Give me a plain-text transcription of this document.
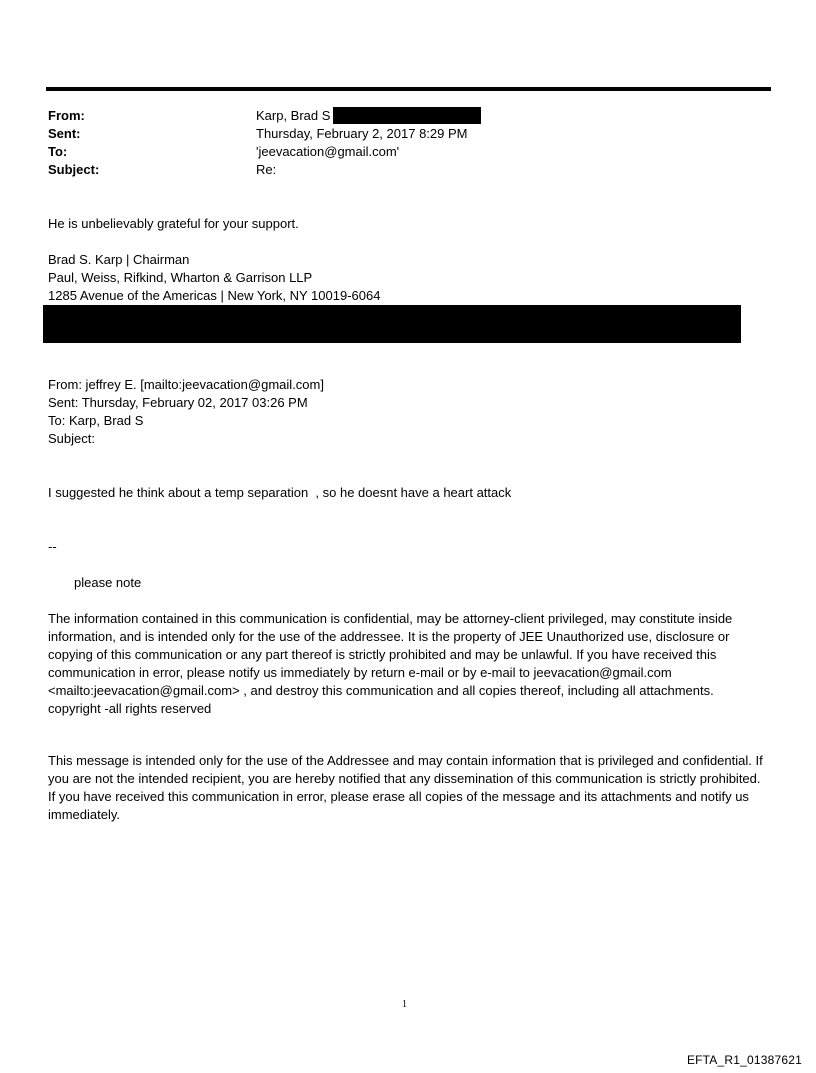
From:	Karp, Brad S
Sent:	Thursday, February 2, 2017 8:29 PM
To:	'jeevacation@gmail.com'
Subject:	Re:
He is unbelievably grateful for your support.
Brad S. Karp | Chairman
Paul, Weiss, Rifkind, Wharton & Garrison LLP
1285 Avenue of the Americas | New York, NY 10019-6064
From: jeffrey E. [mailto:jeevacation@gmail.com]
Sent: Thursday, February 02, 2017 03:26 PM
To: Karp, Brad S
Subject:
I suggested he think about a temp separation  , so he doesnt have a heart attack
--
please note
The information contained in this communication is confidential, may be attorney-client privileged, may constitute inside information, and is intended only for the use of the addressee. It is the property of JEE Unauthorized use, disclosure or copying of this communication or any part thereof is strictly prohibited and may be unlawful. If you have received this communication in error, please notify us immediately by return e-mail or by e-mail to jeevacation@gmail.com <mailto:jeevacation@gmail.com> , and destroy this communication and all copies thereof, including all attachments. copyright -all rights reserved
This message is intended only for the use of the Addressee and may contain information that is privileged and confidential. If you are not the intended recipient, you are hereby notified that any dissemination of this communication is strictly prohibited. If you have received this communication in error, please erase all copies of the message and its attachments and notify us immediately.
1
EFTA_R1_01387621
